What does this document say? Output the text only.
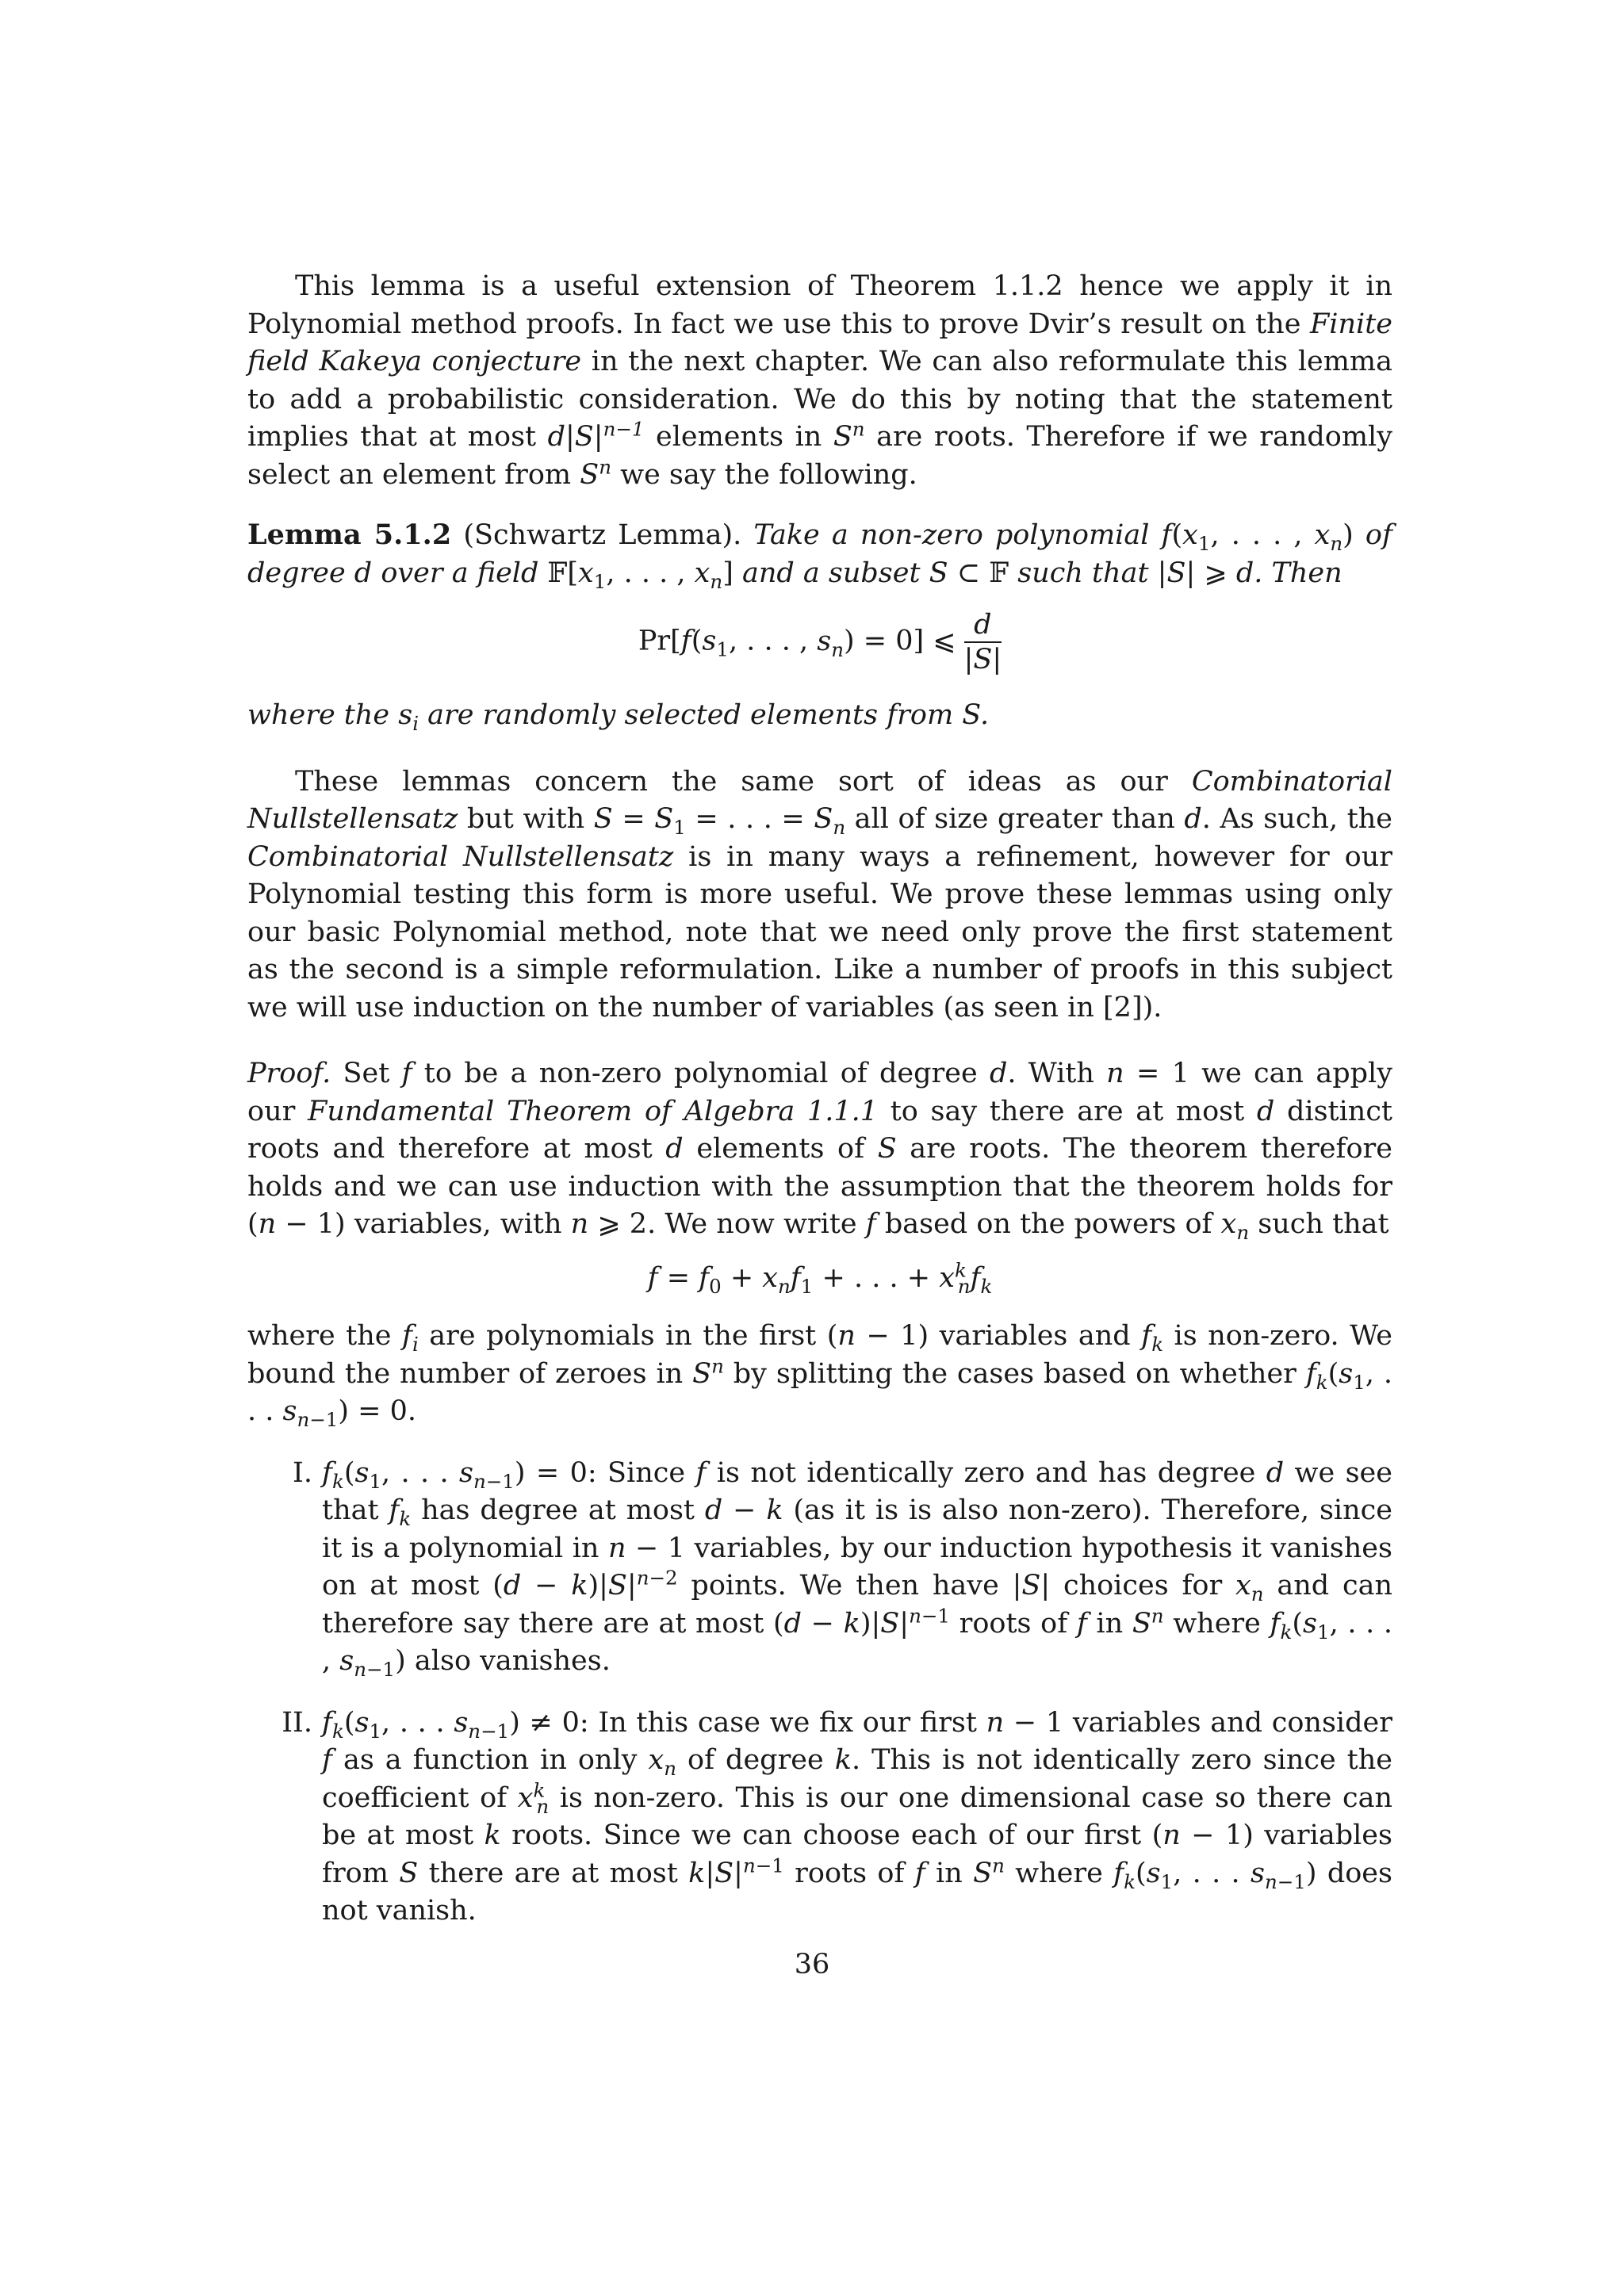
This lemma is a useful extension of Theorem 1.1.2 hence we apply it in Polynomial method proofs. In fact we use this to prove Dvir’s result on the Finite field Kakeya conjecture in the next chapter. We can also reformulate this lemma to add a probabilistic consideration. We do this by noting that the statement implies that at most $d|S|^{n-1}$ elements in $S^n$ are roots. Therefore if we randomly select an element from $S^n$ we say the following.

Lemma 5.1.2 (Schwartz Lemma). Take a non-zero polynomial $f(x_1$, . . . , $x_n$) of degree d over a field $𝔽[x_1$, . . . , $x_n$] and a subset S ⊂ 𝔽 such that |S| ⩾ d. Then

$Pr[f(s_1$, . . . , $s_n) = 0$] ⩽ $\frac{d}{|S|}$

where the $s_i$ are randomly selected elements from S.

These lemmas concern the same sort of ideas as our Combinatorial Nullstellensatz but with $S = S_1$ = . . . = $S_n$ all of size greater than d. As such, the Combinatorial Nullstellensatz is in many ways a refinement, however for our Polynomial testing this form is more useful. We prove these lemmas using only our basic Polynomial method, note that we need only prove the first statement as the second is a simple reformulation. Like a number of proofs in this subject we will use induction on the number of variables (as seen in [2]).

Proof. Set f to be a non-zero polynomial of degree d. With n = 1 we can apply our Fundamental Theorem of Algebra 1.1.1 to say there are at most d distinct roots and therefore at most d elements of S are roots. The theorem therefore holds and we can use induction with the assumption that the theorem holds for (n − 1) variables, with n ⩾ 2. We now write f based on the powers of $x_n$ such that

$f = f_0 + x_nf_1$ + . . . + $x^k_nf_k$

where the $f_i$ are polynomials in the first (n − 1) variables and $f_k$ is non-zero. We bound the number of zeroes in $S^n$ by splitting the cases based on whether $f_k(s_1$, . . . $s_{n-1}) = 0$.

I. $f_k(s_1$, . . . $s_{n-1}) = 0$: Since f is not identically zero and has degree d we see that $f_k$ has degree at most d − k (as it is is also non-zero). Therefore, since it is a polynomial in n − 1 variables, by our induction hypothesis it vanishes on at most $(d - k)|S|^{n-2}$ points. We then have |S| choices for $x_n$ and can therefore say there are at most $(d - k)|S|^{n-1}$ roots of f in $S^n$ where $f_k(s_1$, . . . , $s_{n-1}$) also vanishes.

II. $f_k(s_1$, . . . $s_{n-1}) \ne 0$: In this case we fix our first n − 1 variables and consider f as a function in only $x_n$ of degree k. This is not identically zero since the coefficient of $x^k_n$ is non-zero. This is our one dimensional case so there can be at most k roots. Since we can choose each of our first (n − 1) variables from S there are at most $k|S|^{n-1}$ roots of f in $S^n$ where $f_k(s_1$, . . . $s_{n-1}$) does not vanish.

36
